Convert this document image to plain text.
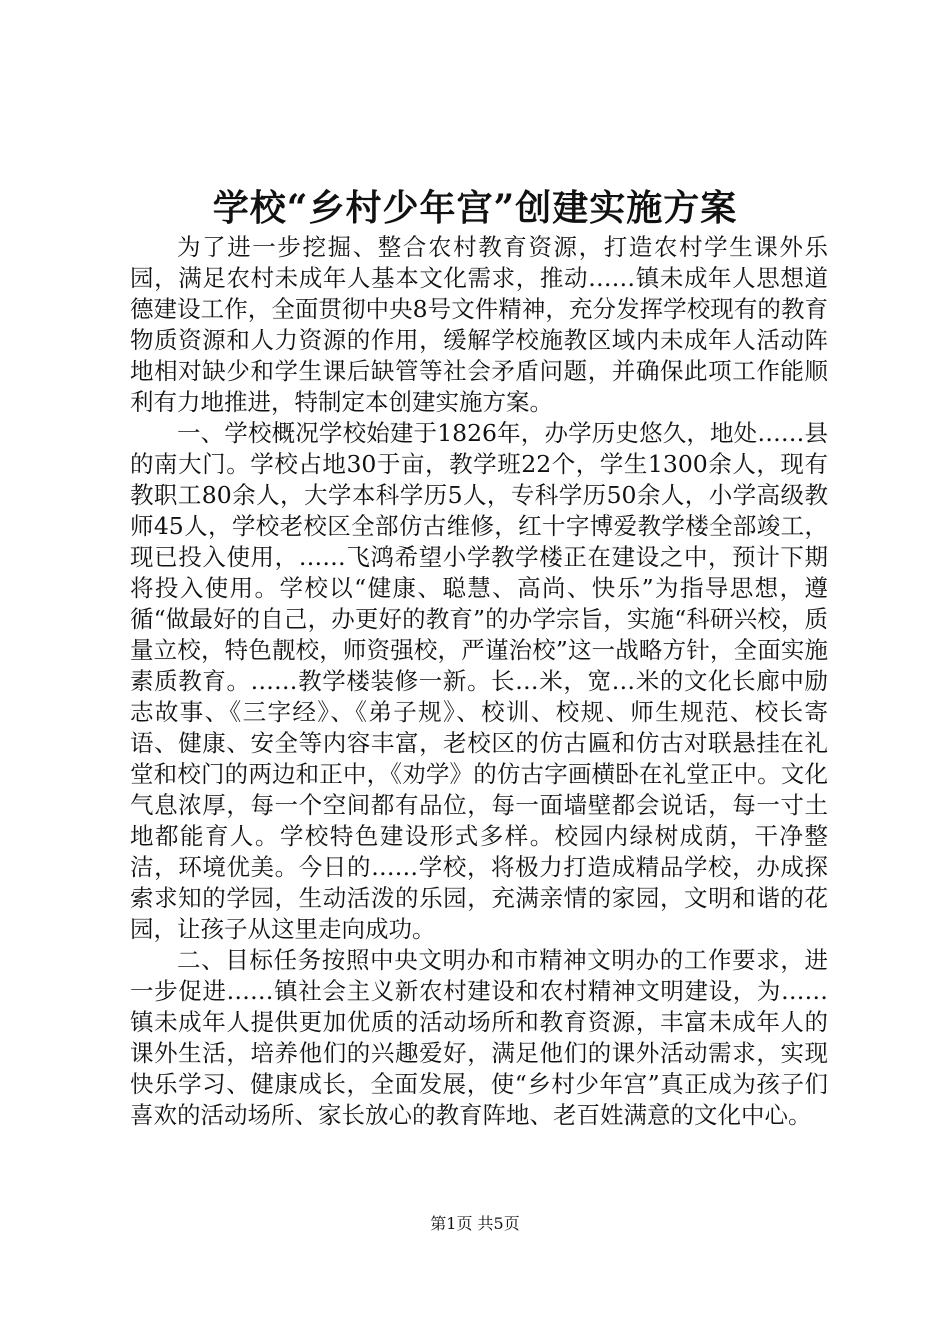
学校“乡村少年宫”创建实施方案

为了进一步挖掘、整合农村教育资源，打造农村学生课外乐园，满足农村未成年人基本文化需求，推动……镇未成年人思想道德建设工作，全面贯彻中央8号文件精神，充分发挥学校现有的教育物质资源和人力资源的作用，缓解学校施教区域内未成年人活动阵地相对缺少和学生课后缺管等社会矛盾问题，并确保此项工作能顺利有力地推进，特制定本创建实施方案。

一、学校概况学校始建于1826年，办学历史悠久，地处……县的南大门。学校占地30于亩，教学班22个，学生1300余人，现有教职工80余人，大学本科学历5人，专科学历50余人，小学高级教师45人，学校老校区全部仿古维修，红十字博爱教学楼全部竣工，现已投入使用，……飞鸿希望小学教学楼正在建设之中，预计下期将投入使用。学校以“健康、聪慧、高尚、快乐”为指导思想，遵循“做最好的自己，办更好的教育”的办学宗旨，实施“科研兴校，质量立校，特色靓校，师资强校，严谨治校”这一战略方针，全面实施素质教育。……教学楼装修一新。长…米，宽…米的文化长廊中励志故事、《三字经》、《弟子规》、校训、校规、师生规范、校长寄语、健康、安全等内容丰富，老校区的仿古匾和仿古对联悬挂在礼堂和校门的两边和正中，《劝学》的仿古字画横卧在礼堂正中。文化气息浓厚，每一个空间都有品位，每一面墙壁都会说话，每一寸土地都能育人。学校特色建设形式多样。校园内绿树成荫，干净整洁，环境优美。今日的……学校，将极力打造成精品学校，办成探索求知的学园，生动活泼的乐园，充满亲情的家园，文明和谐的花园，让孩子从这里走向成功。

二、目标任务按照中央文明办和市精神文明办的工作要求，进一步促进……镇社会主义新农村建设和农村精神文明建设，为……镇未成年人提供更加优质的活动场所和教育资源，丰富未成年人的课外生活，培养他们的兴趣爱好，满足他们的课外活动需求，实现快乐学习、健康成长，全面发展，使“乡村少年宫”真正成为孩子们喜欢的活动场所、家长放心的教育阵地、老百姓满意的文化中心。

第1页 共5页
